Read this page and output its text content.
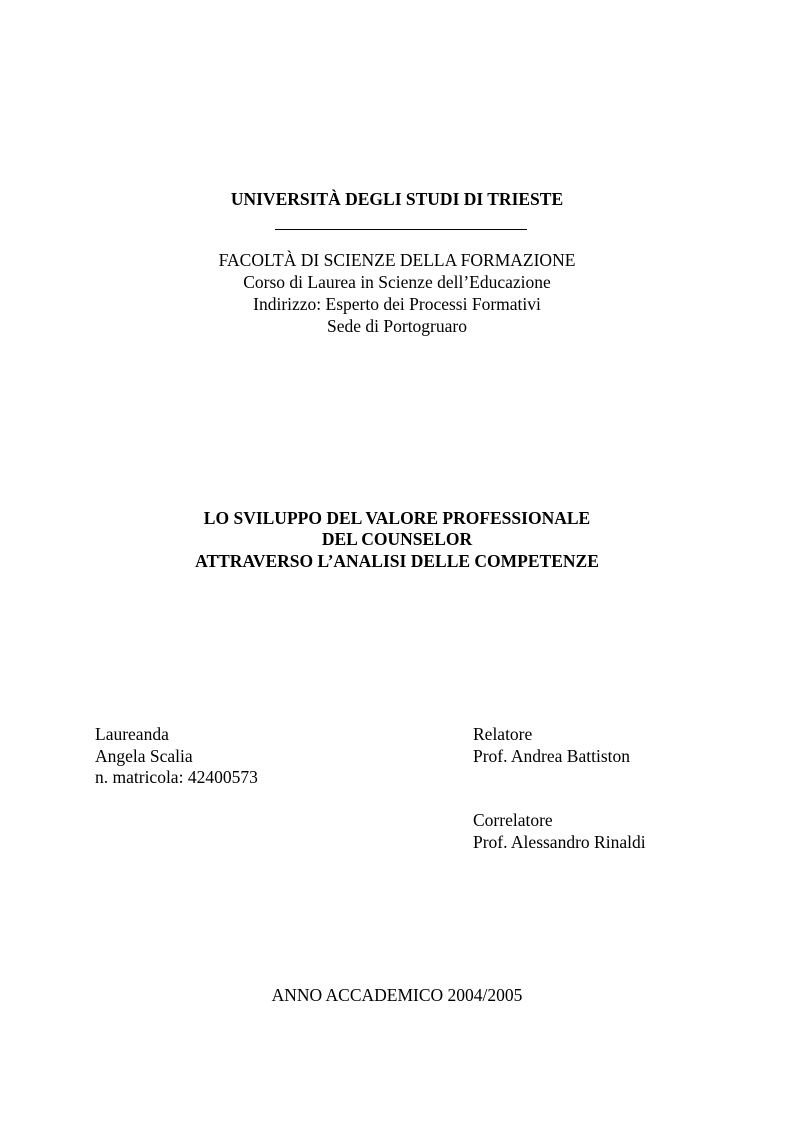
UNIVERSITÀ DEGLI STUDI DI TRIESTE
FACOLTÀ DI SCIENZE DELLA FORMAZIONE
Corso di Laurea in Scienze dell’Educazione
Indirizzo: Esperto dei Processi Formativi
Sede di Portogruaro
LO SVILUPPO DEL VALORE PROFESSIONALE
DEL COUNSELOR
ATTRAVERSO L’ANALISI DELLE COMPETENZE
Laureanda
Angela Scalia
n. matricola: 42400573
Relatore
Prof. Andrea Battiston
Correlatore
Prof. Alessandro Rinaldi
ANNO ACCADEMICO 2004/2005
